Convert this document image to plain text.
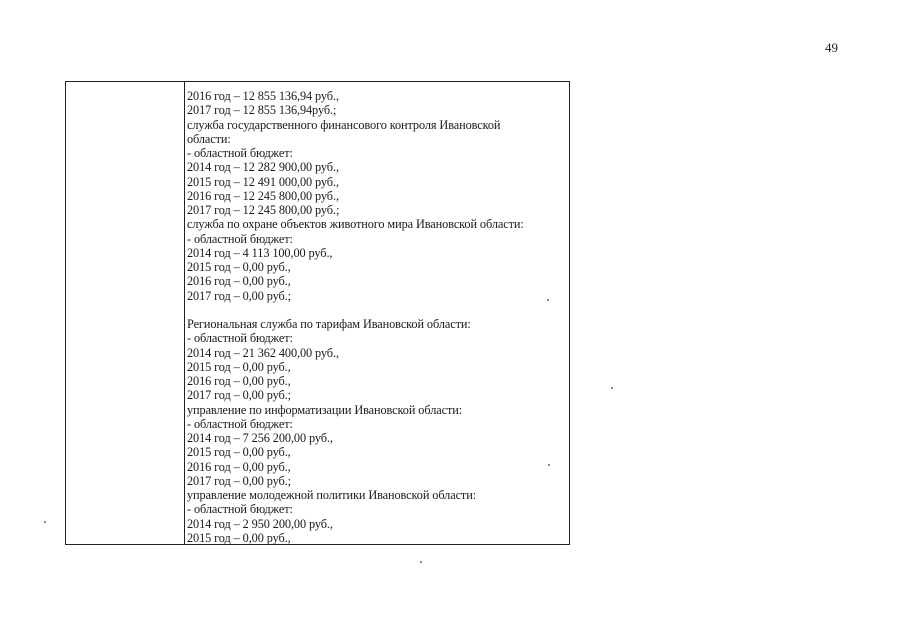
49
2016 год – 12 855 136,94 руб.,
2017 год – 12 855 136,94руб.;
служба государственного финансового контроля Ивановской
области:
- областной бюджет:
2014 год – 12 282 900,00 руб.,
2015 год – 12 491 000,00 руб.,
2016 год – 12 245 800,00 руб.,
2017 год – 12 245 800,00 руб.;
служба по охране объектов животного мира Ивановской области:
- областной бюджет:
2014 год – 4 113 100,00 руб.,
2015 год – 0,00 руб.,
2016 год – 0,00 руб.,
2017 год – 0,00 руб.;
Региональная служба по тарифам Ивановской области:
- областной бюджет:
2014 год – 21 362 400,00 руб.,
2015 год – 0,00 руб.,
2016 год – 0,00 руб.,
2017 год – 0,00 руб.;
управление по информатизации Ивановской области:
- областной бюджет:
2014 год – 7 256 200,00 руб.,
2015 год – 0,00 руб.,
2016 год – 0,00 руб.,
2017 год – 0,00 руб.;
управление молодежной политики Ивановской области:
- областной бюджет:
2014 год – 2 950 200,00 руб.,
2015 год – 0,00 руб.,
